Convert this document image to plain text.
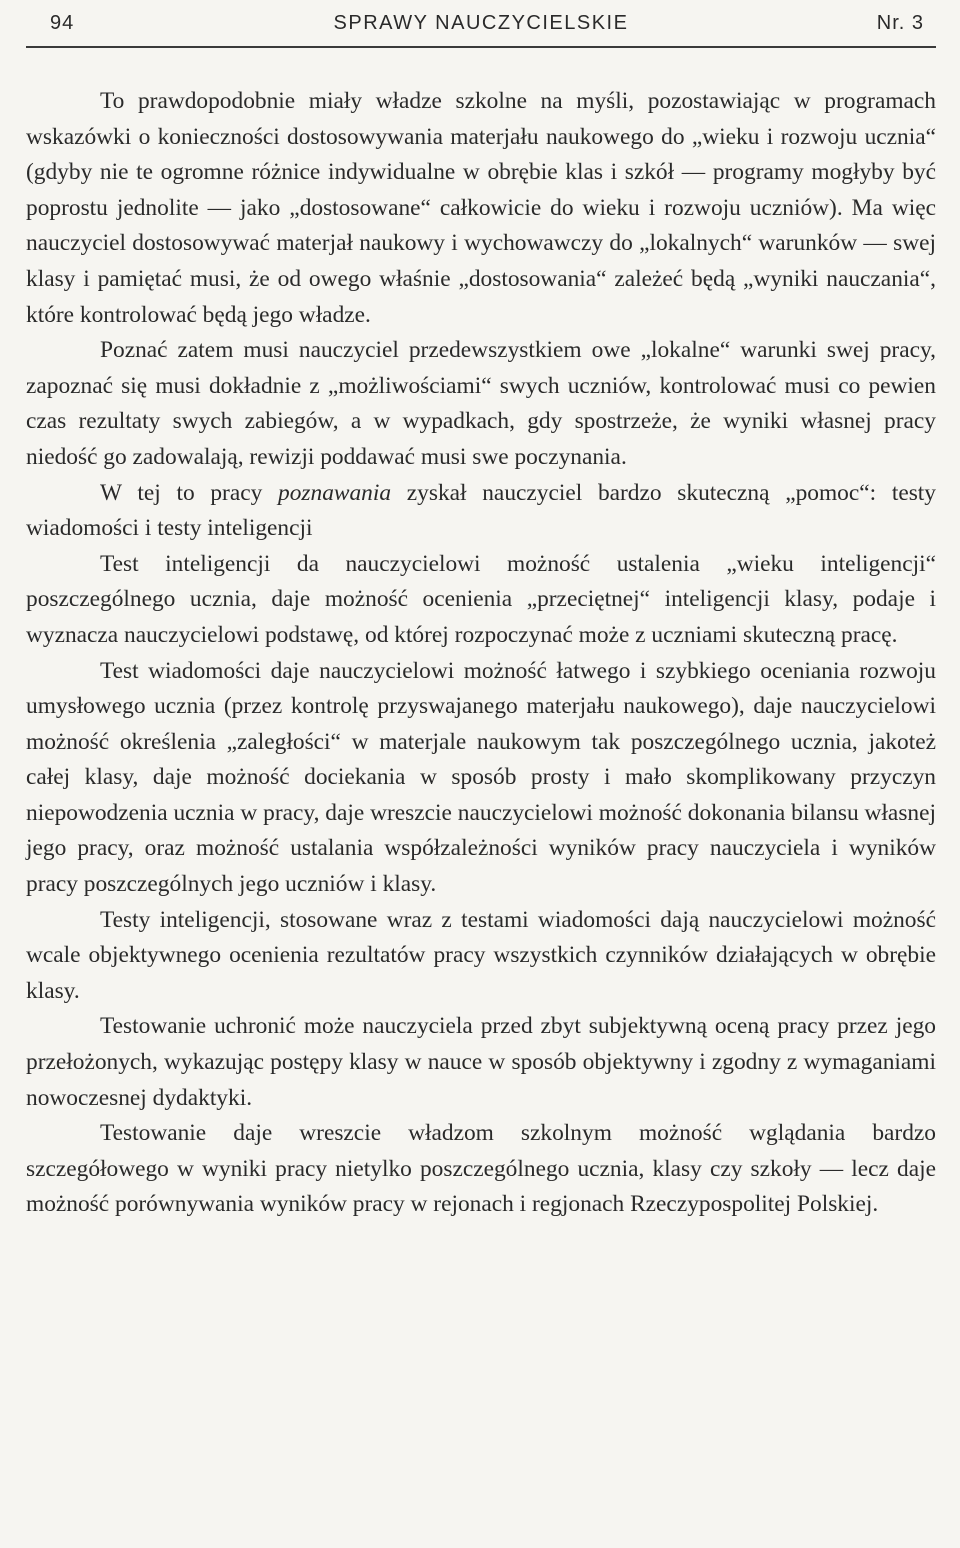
94	SPRAWY NAUCZYCIELSKIE	Nr. 3

To prawdopodobnie miały władze szkolne na myśli, pozostawiając w programach wskazówki o konieczności dostosowywania materjału naukowego do „wieku i rozwoju ucznia“ (gdyby nie te ogromne różnice indywidualne w obrębie klas i szkół — programy mogłyby być poprostu jednolite — jako „dostosowane“ całkowicie do wieku i rozwoju uczniów). Ma więc nauczyciel dostosowywać materjał naukowy i wychowawczy do „lokalnych“ warunków — swej klasy i pamiętać musi, że od owego właśnie „dostosowania“ zależeć będą „wyniki nauczania“, które kontrolować będą jego władze.

Poznać zatem musi nauczyciel przedewszystkiem owe „lokalne“ warunki swej pracy, zapoznać się musi dokładnie z „możliwościami“ swych uczniów, kontrolować musi co pewien czas rezultaty swych zabiegów, a w wypadkach, gdy spostrzeże, że wyniki własnej pracy niedość go zadowalają, rewizji poddawać musi swe poczynania.

W tej to pracy poznawania zyskał nauczyciel bardzo skuteczną „pomoc“: testy wiadomości i testy inteligencji

Test inteligencji da nauczycielowi możność ustalenia „wieku inteligencji“ poszczególnego ucznia, daje możność ocenienia „przeciętnej“ inteligencji klasy, podaje i wyznacza nauczycielowi podstawę, od której rozpoczynać może z uczniami skuteczną pracę.

Test wiadomości daje nauczycielowi możność łatwego i szybkiego oceniania rozwoju umysłowego ucznia (przez kontrolę przyswajanego materjału naukowego), daje nauczycielowi możność określenia „zaległości“ w materjale naukowym tak poszczególnego ucznia, jakoteż całej klasy, daje możność dociekania w sposób prosty i mało skomplikowany przyczyn niepowodzenia ucznia w pracy, daje wreszcie nauczycielowi możność dokonania bilansu własnej jego pracy, oraz możność ustalania współzależności wyników pracy nauczyciela i wyników pracy poszczególnych jego uczniów i klasy.

Testy inteligencji, stosowane wraz z testami wiadomości dają nauczycielowi możność wcale objektywnego ocenienia rezultatów pracy wszystkich czynników działających w obrębie klasy.

Testowanie uchronić może nauczyciela przed zbyt subjektywną oceną pracy przez jego przełożonych, wykazując postępy klasy w nauce w sposób objektywny i zgodny z wymaganiami nowoczesnej dydaktyki.

Testowanie daje wreszcie władzom szkolnym możność wglądania bardzo szczegółowego w wyniki pracy nietylko poszczególnego ucznia, klasy czy szkoły — lecz daje możność porównywania wyników pracy w rejonach i regjonach Rzeczypospolitej Polskiej.
